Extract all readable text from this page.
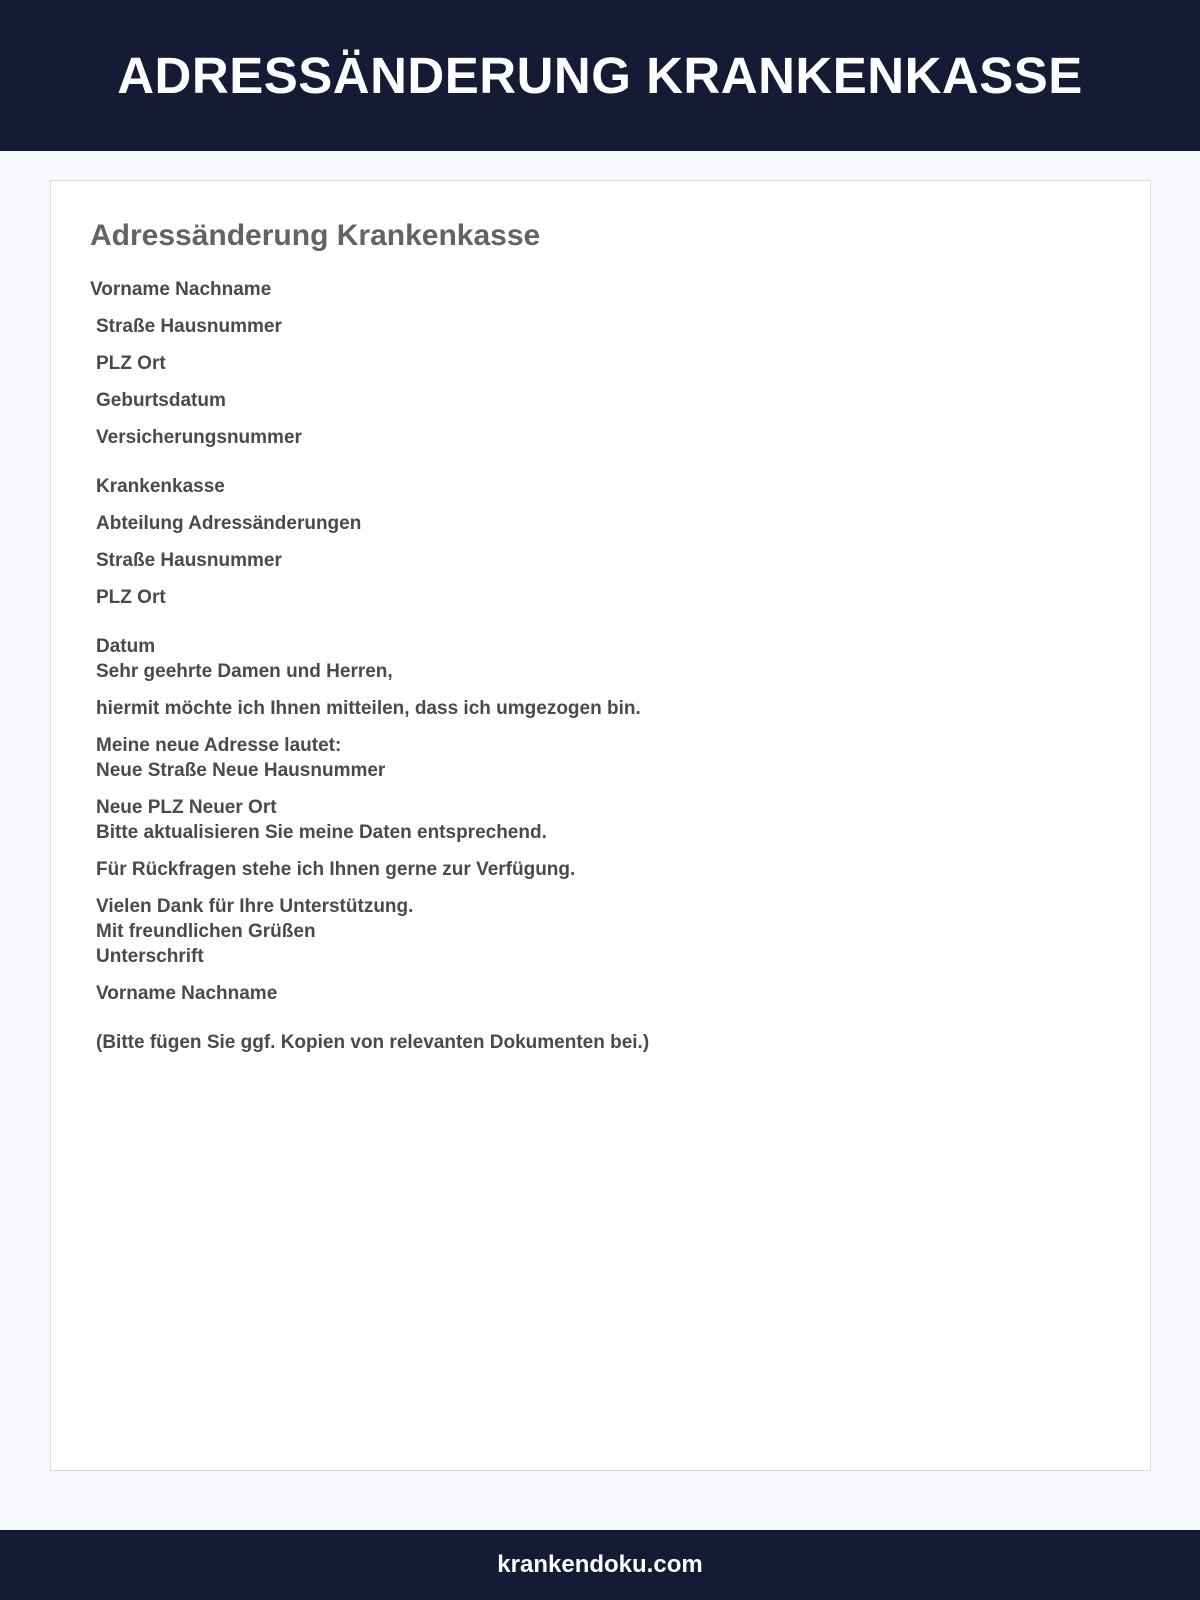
ADRESSÄNDERUNG KRANKENKASSE
Adressänderung Krankenkasse
Vorname Nachname
Straße Hausnummer
PLZ Ort
Geburtsdatum
Versicherungsnummer
Krankenkasse
Abteilung Adressänderungen
Straße Hausnummer
PLZ Ort
Datum
Sehr geehrte Damen und Herren,
hiermit möchte ich Ihnen mitteilen, dass ich umgezogen bin.
Meine neue Adresse lautet:
Neue Straße Neue Hausnummer
Neue PLZ Neuer Ort
Bitte aktualisieren Sie meine Daten entsprechend.
Für Rückfragen stehe ich Ihnen gerne zur Verfügung.
Vielen Dank für Ihre Unterstützung.
Mit freundlichen Grüßen
Unterschrift
Vorname Nachname
(Bitte fügen Sie ggf. Kopien von relevanten Dokumenten bei.)
krankendoku.com
